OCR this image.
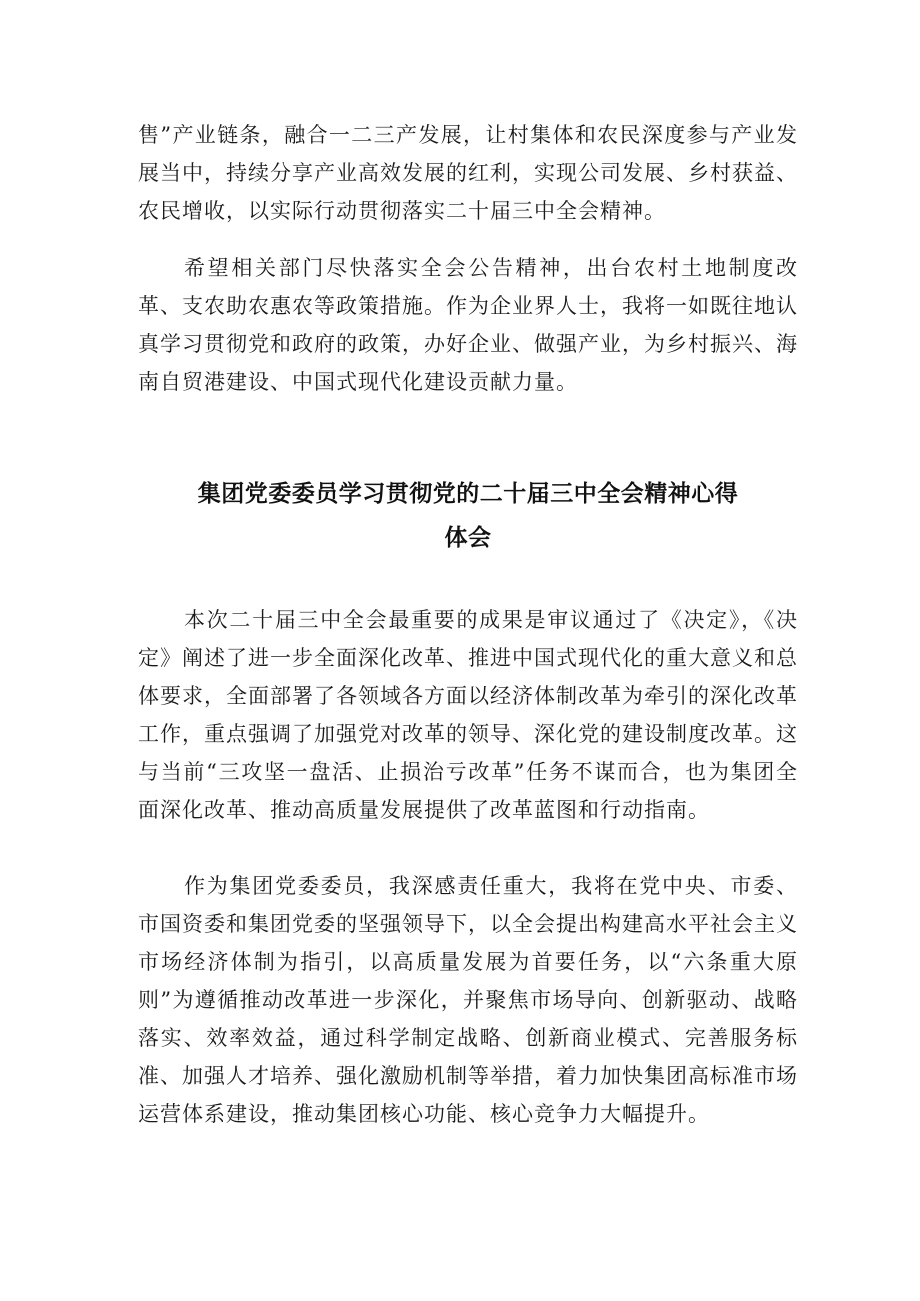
售”产业链条，融合一二三产发展，让村集体和农民深度参与产业发展当中，持续分享产业高效发展的红利，实现公司发展、乡村获益、农民增收，以实际行动贯彻落实二十届三中全会精神。

希望相关部门尽快落实全会公告精神，出台农村土地制度改革、支农助农惠农等政策措施。作为企业界人士，我将一如既往地认真学习贯彻党和政府的政策，办好企业、做强产业，为乡村振兴、海南自贸港建设、中国式现代化建设贡献力量。

集团党委委员学习贯彻党的二十届三中全会精神心得
体会

本次二十届三中全会最重要的成果是审议通过了《决定》，《决定》阐述了进一步全面深化改革、推进中国式现代化的重大意义和总体要求，全面部署了各领域各方面以经济体制改革为牵引的深化改革工作，重点强调了加强党对改革的领导、深化党的建设制度改革。这与当前“三攻坚一盘活、止损治亏改革”任务不谋而合，也为集团全面深化改革、推动高质量发展提供了改革蓝图和行动指南。

作为集团党委委员，我深感责任重大，我将在党中央、市委、市国资委和集团党委的坚强领导下，以全会提出构建高水平社会主义市场经济体制为指引，以高质量发展为首要任务，以“六条重大原则”为遵循推动改革进一步深化，并聚焦市场导向、创新驱动、战略落实、效率效益，通过科学制定战略、创新商业模式、完善服务标准、加强人才培养、强化激励机制等举措，着力加快集团高标准市场运营体系建设，推动集团核心功能、核心竞争力大幅提升。
